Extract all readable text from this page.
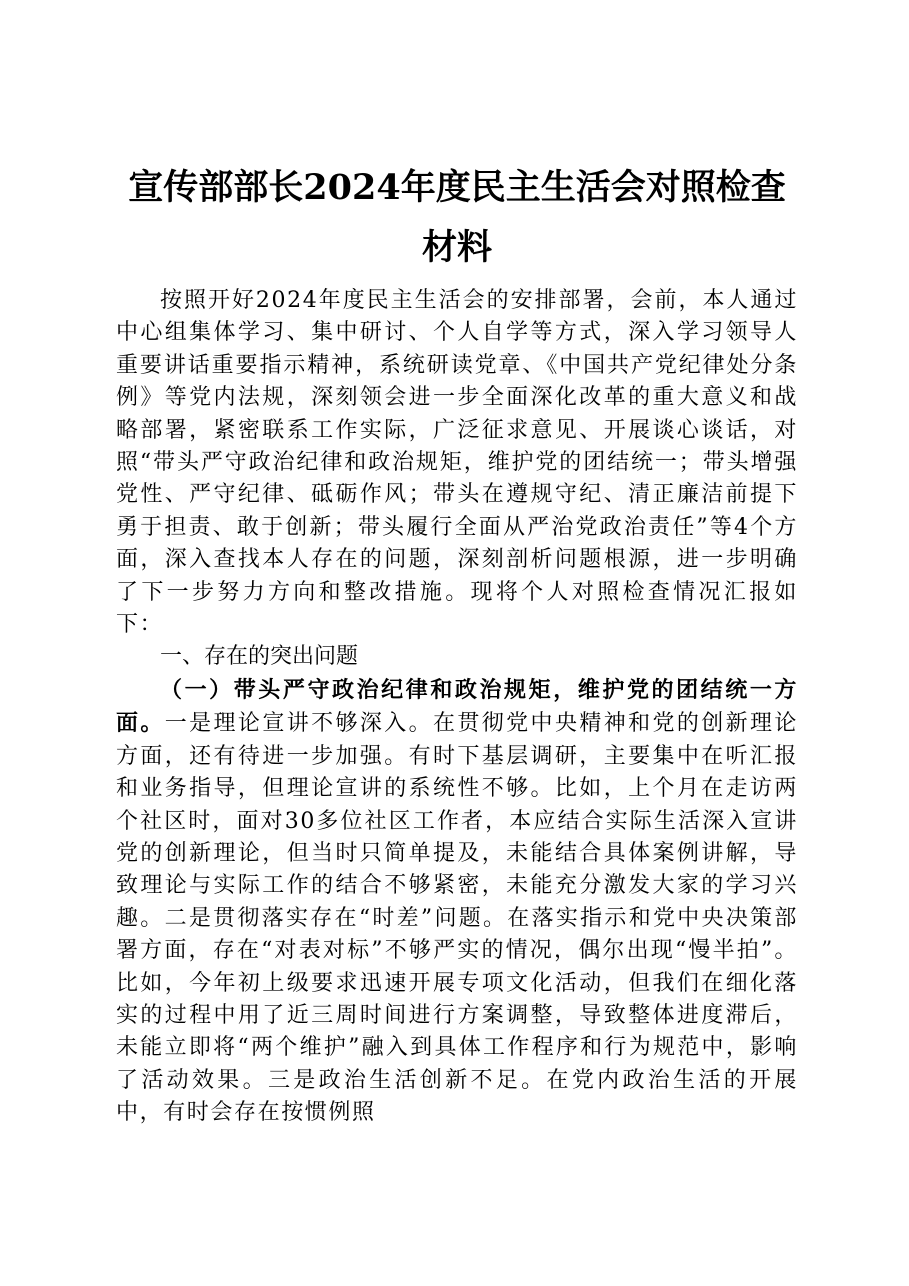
宣传部部长2024年度民主生活会对照检查材料

按照开好2024年度民主生活会的安排部署，会前，本人通过中心组集体学习、集中研讨、个人自学等方式，深入学习领导人重要讲话重要指示精神，系统研读党章、《中国共产党纪律处分条例》等党内法规，深刻领会进一步全面深化改革的重大意义和战略部署，紧密联系工作实际，广泛征求意见、开展谈心谈话，对照“带头严守政治纪律和政治规矩，维护党的团结统一；带头增强党性、严守纪律、砥砺作风；带头在遵规守纪、清正廉洁前提下勇于担责、敢于创新；带头履行全面从严治党政治责任”等4个方面，深入查找本人存在的问题，深刻剖析问题根源，进一步明确了下一步努力方向和整改措施。现将个人对照检查情况汇报如下：

一、存在的突出问题

（一）带头严守政治纪律和政治规矩，维护党的团结统一方面。一是理论宣讲不够深入。在贯彻党中央精神和党的创新理论方面，还有待进一步加强。有时下基层调研，主要集中在听汇报和业务指导，但理论宣讲的系统性不够。比如，上个月在走访两个社区时，面对30多位社区工作者，本应结合实际生活深入宣讲党的创新理论，但当时只简单提及，未能结合具体案例讲解，导致理论与实际工作的结合不够紧密，未能充分激发大家的学习兴趣。二是贯彻落实存在“时差”问题。在落实指示和党中央决策部署方面，存在“对表对标”不够严实的情况，偶尔出现“慢半拍”。比如，今年初上级要求迅速开展专项文化活动，但我们在细化落实的过程中用了近三周时间进行方案调整，导致整体进度滞后，未能立即将“两个维护”融入到具体工作程序和行为规范中，影响了活动效果。三是政治生活创新不足。在党内政治生活的开展中，有时会存在按惯例照
